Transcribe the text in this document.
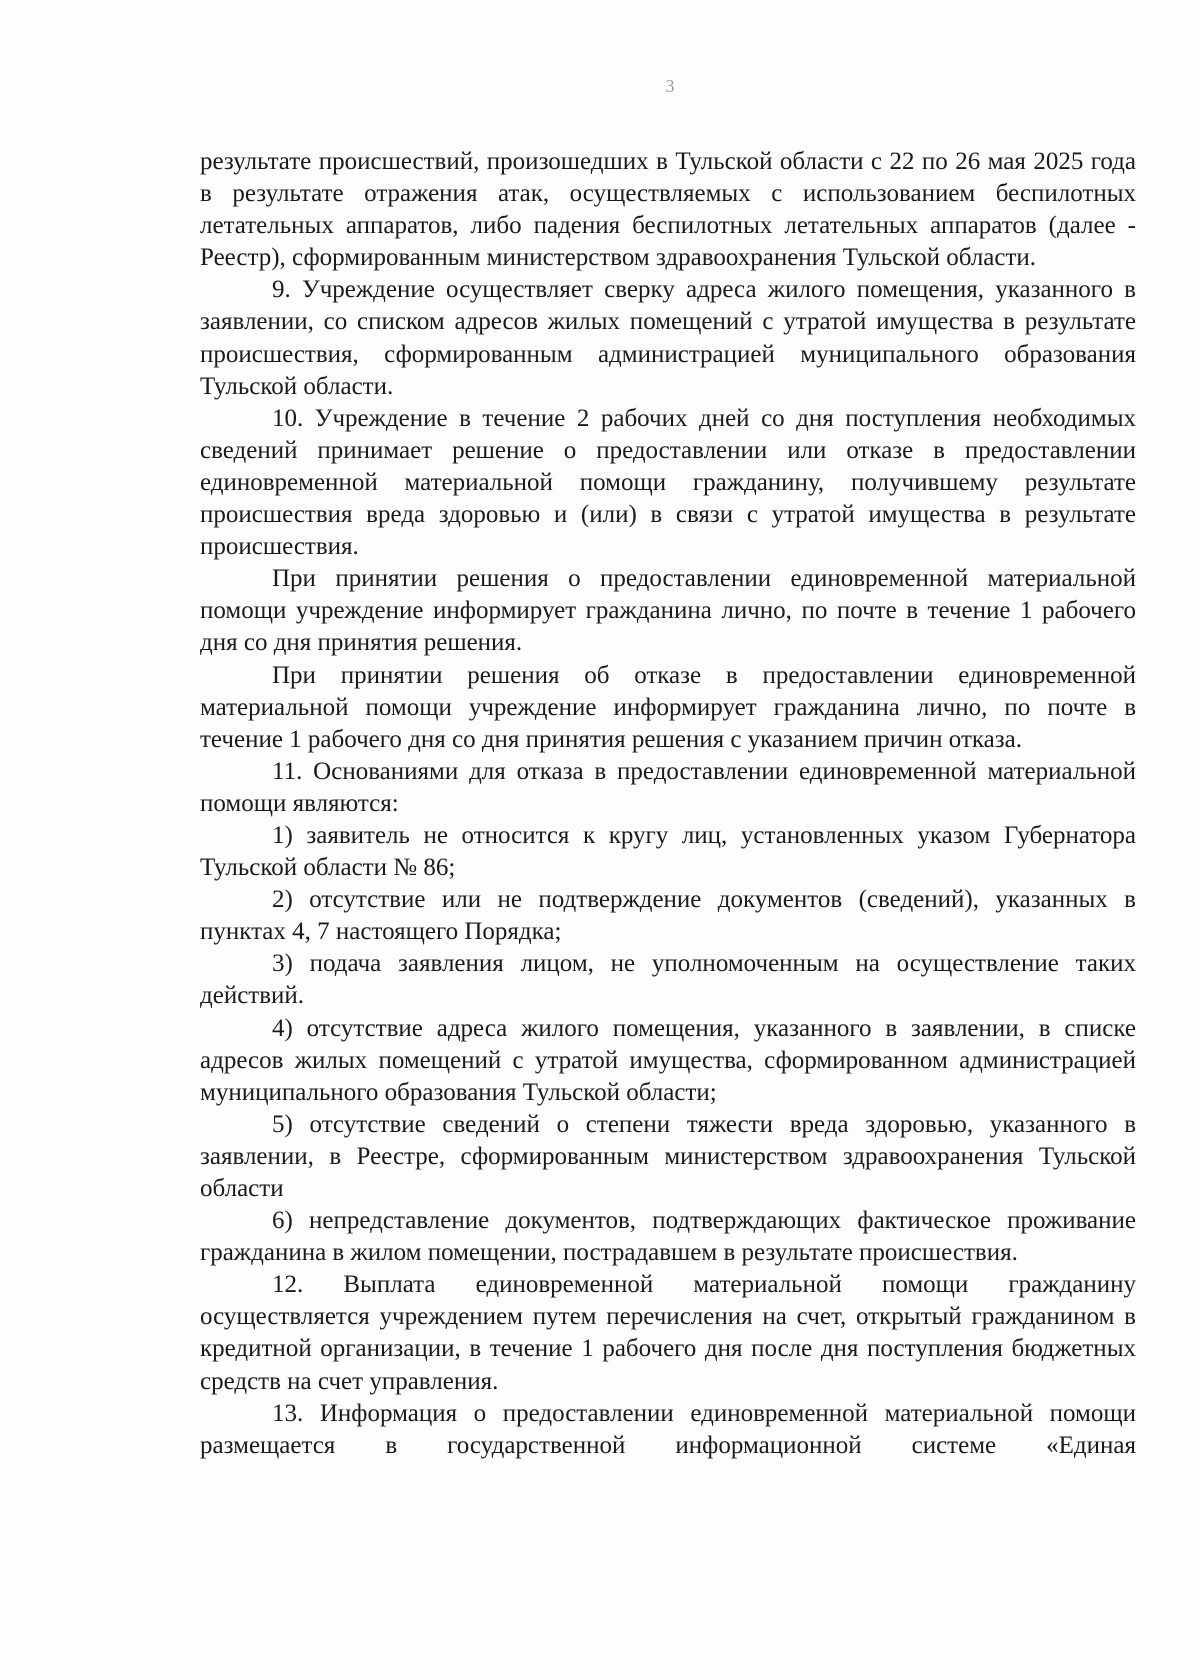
3

результате происшествий, произошедших в Тульской области с 22 по 26 мая 2025 года в результате отражения атак, осуществляемых с использованием беспилотных летательных аппаратов, либо падения беспилотных летательных аппаратов (далее - Реестр), сформированным министерством здравоохранения Тульской области.

9. Учреждение осуществляет сверку адреса жилого помещения, указанного в заявлении, со списком адресов жилых помещений с утратой имущества в результате происшествия, сформированным администрацией муниципального образования Тульской области.

10. Учреждение в течение 2 рабочих дней со дня поступления необходимых сведений принимает решение о предоставлении или отказе в предоставлении единовременной материальной помощи гражданину, получившему результате происшествия вреда здоровью и (или) в связи с утратой имущества в результате происшествия.

При принятии решения о предоставлении единовременной материальной помощи учреждение информирует гражданина лично, по почте в течение 1 рабочего дня со дня принятия решения.

При принятии решения об отказе в предоставлении единовременной материальной помощи учреждение информирует гражданина лично, по почте в течение 1 рабочего дня со дня принятия решения с указанием причин отказа.

11. Основаниями для отказа в предоставлении единовременной материальной помощи являются:

1) заявитель не относится к кругу лиц, установленных указом Губернатора Тульской области № 86;

2) отсутствие или не подтверждение документов (сведений), указанных в пунктах 4, 7 настоящего Порядка;

3) подача заявления лицом, не уполномоченным на осуществление таких действий.

4) отсутствие адреса жилого помещения, указанного в заявлении, в списке адресов жилых помещений с утратой имущества, сформированном администрацией муниципального образования Тульской области;

5) отсутствие сведений о степени тяжести вреда здоровью, указанного в заявлении, в Реестре, сформированным министерством здравоохранения Тульской области

6) непредставление документов, подтверждающих фактическое проживание гражданина в жилом помещении, пострадавшем в результате происшествия.

12. Выплата единовременной материальной помощи гражданину осуществляется учреждением путем перечисления на счет, открытый гражданином в кредитной организации, в течение 1 рабочего дня после дня поступления бюджетных средств на счет управления.

13. Информация о предоставлении единовременной материальной помощи размещается в государственной информационной системе «Единая
